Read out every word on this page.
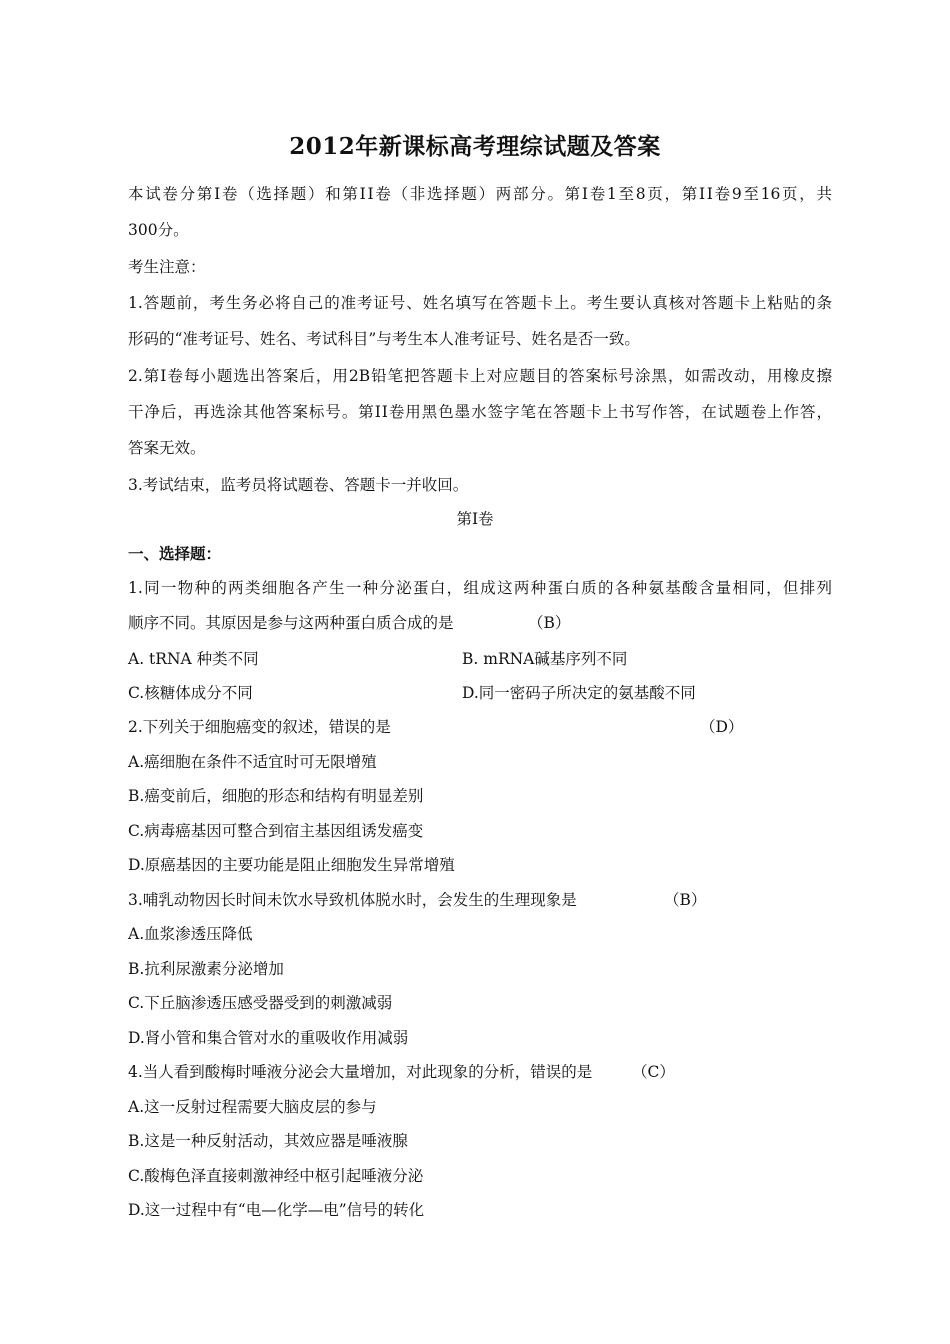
2012年新课标高考理综试题及答案
本试卷分第Ⅰ卷（选择题）和第ⅠI卷（非选择题）两部分。第Ⅰ卷1至8页，第ⅠI卷9至16页，共
300分。
考生注意：
1.答题前，考生务必将自己的准考证号、姓名填写在答题卡上。考生要认真核对答题卡上粘贴的条
形码的“准考证号、姓名、考试科目”与考生本人准考证号、姓名是否一致。
2.第Ⅰ卷每小题选出答案后，用2B铅笔把答题卡上对应题目的答案标号涂黑，如需改动，用橡皮擦
干净后，再选涂其他答案标号。第ⅠI卷用黑色墨水签字笔在答题卡上书写作答，在试题卷上作答，
答案无效。
3.考试结束，监考员将试题卷、答题卡一并收回。
第Ⅰ卷
一、选择题：
1.同一物种的两类细胞各产生一种分泌蛋白，组成这两种蛋白质的各种氨基酸含量相同，但排列
顺序不同。其原因是参与这两种蛋白质合成的是	（B）
A. tRNA 种类不同	B. mRNA碱基序列不同
C.核糖体成分不同	D.同一密码子所决定的氨基酸不同
2.下列关于细胞癌变的叙述，错误的是	（D）
A.癌细胞在条件不适宜时可无限增殖
B.癌变前后，细胞的形态和结构有明显差别
C.病毒癌基因可整合到宿主基因组诱发癌变
D.原癌基因的主要功能是阻止细胞发生异常增殖
3.哺乳动物因长时间未饮水导致机体脱水时，会发生的生理现象是	（B）
A.血浆渗透压降低
B.抗利尿激素分泌增加
C.下丘脑渗透压感受器受到的刺激减弱
D.肾小管和集合管对水的重吸收作用减弱
4.当人看到酸梅时唾液分泌会大量增加，对此现象的分析，错误的是	（C）
A.这一反射过程需要大脑皮层的参与
B.这是一种反射活动，其效应器是唾液腺
C.酸梅色泽直接刺激神经中枢引起唾液分泌
D.这一过程中有“电—化学—电”信号的转化
